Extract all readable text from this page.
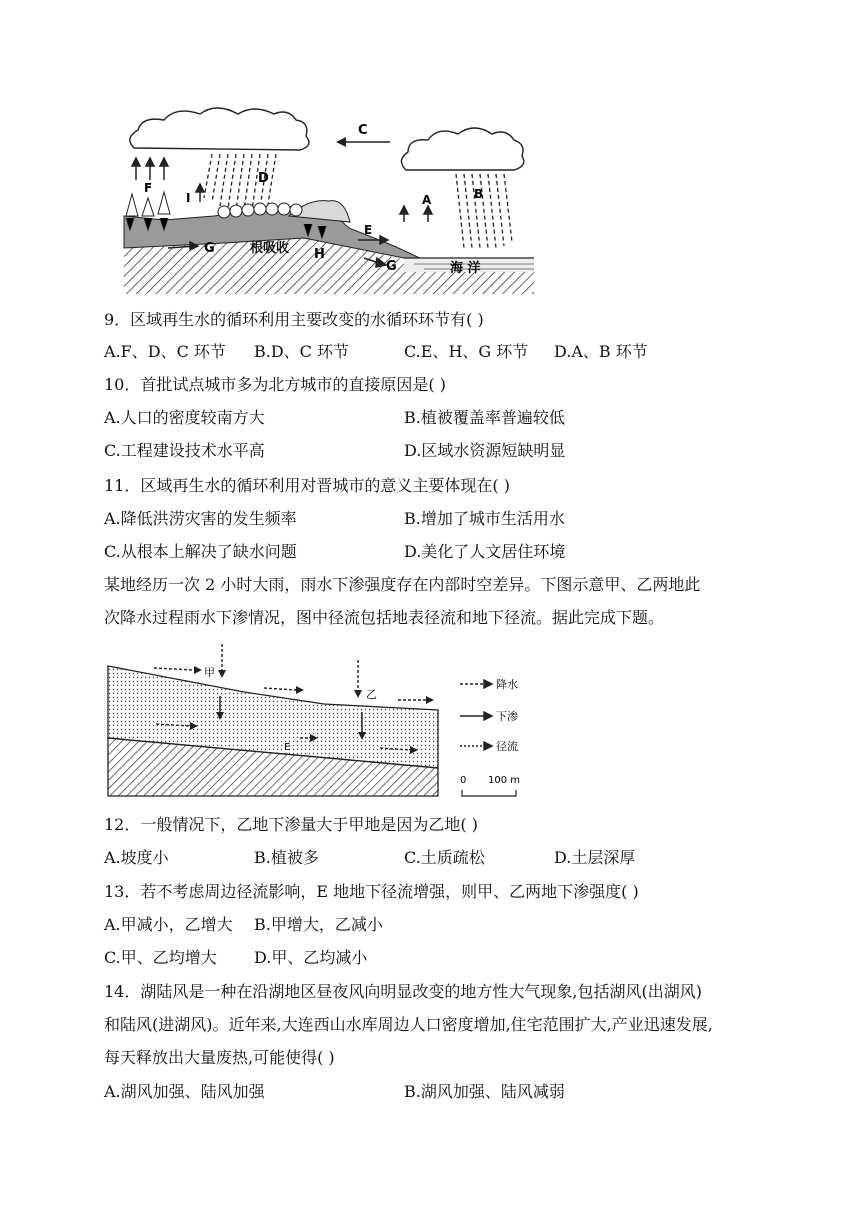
C
F
I
D
A	B
根吸收
G
G
H
E
海 洋
9．区域再生水的循环利用主要改变的水循环环节有( )
A.F、D、C 环节 B.D、C 环节	C.E、H、G 环节 D.A、B 环节
10．首批试点城市多为北方城市的直接原因是( )
A.人口的密度较南方大	B.植被覆盖率普遍较低
C.工程建设技术水平高	D.区域水资源短缺明显
11．区域再生水的循环利用对晋城市的意义主要体现在( )
A.降低洪涝灾害的发生频率	B.增加了城市生活用水
C.从根本上解决了缺水问题	D.美化了人文居住环境
某地经历一次 2 小时大雨，雨水下渗强度存在内部时空差异。下图示意甲、乙两地此
次降水过程雨水下渗情况，图中径流包括地表径流和地下径流。据此完成下题。
甲
乙
E
降水
下渗
径流
0 100 m
12．一般情况下，乙地下渗量大于甲地是因为乙地( )
A.坡度小	B.植被多	C.土质疏松	D.土层深厚
13．若不考虑周边径流影响，E 地地下径流增强，则甲、乙两地下渗强度( )
A.甲减小，乙增大 B.甲增大，乙减小
C.甲、乙均增大 D.甲、乙均减小
14．湖陆风是一种在沿湖地区昼夜风向明显改变的地方性大气现象,包括湖风(出湖风)
和陆风(进湖风)。近年来,大连西山水库周边人口密度增加,住宅范围扩大,产业迅速发展,
每天释放出大量废热,可能使得( )
A.湖风加强、陆风加强	B.湖风加强、陆风减弱
